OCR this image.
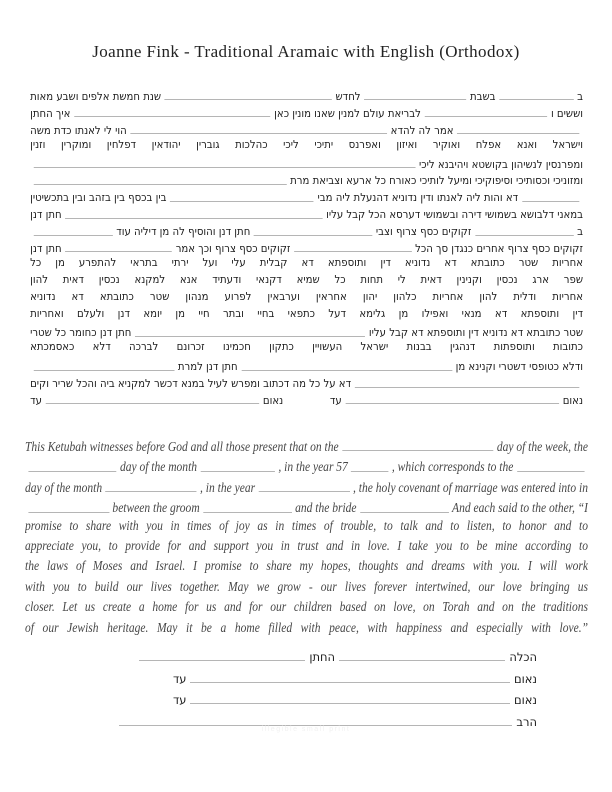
Joanne Fink - Traditional Aramaic with English (Orthodox)
ב
בשבת
לחדש
שנת חמשת אלפים ושבע מאות
וששים ו
לבריאת עולם למנין שאנו מונין כאן
איך החתן
אמר לה להדא
הוי לי לאנתו כדת משה
וישראל ואנא אפלח ואוקיר ואיזון ואפרנס יתיכי ליכי כהלכות גוברין יהודאין דפלחין ומוקרין וזנין
ומפרנסין לנשיהון בקושטא ויהיבנא ליכי
ומזוניכי וכסותיכי וסיפוקיכי ומיעל לותיכי כאורח כל ארעא וצביאת מרת
דא והות ליה לאנתו ודין נדוניא דהנעלת ליה מבי
בין בכסף בין בזהב ובין בתכשיטין
במאני דלבושא בשמושי דירה ובשמושי דערסא הכל קבל עליו
חתן דנן
ב
זקוקים כסף צרוף וצבי
חתן דנן והוסיף לה מן דיליה עוד
זקוקים כסף צרוף אחרים כנגדן סך הכל
זקוקים כסף צרוף וכך אמר
חתן דנן
אחריות שטר כתובתא דא נדוניא דין ותוספתא דא קבלית עלי ועל ירתי בתראי להתפרע מן כל
שפר ארג נכסין וקנינין דאית לי תחות כל שמיא דקנאי ודעתיד אנא למקנא נכסין דאית להון
אחריות ודלית להון אחריות כלהון יהון אחראין וערבאין לפרוע מנהון שטר כתובתא דא נדוניא
דין ותוספתא דא מנאי ואפילו מן גלימא דעל כתפאי בחיי ובתר חיי מן יומא דנן ולעלם ואחריות
שטר כתובתא דא נדוניא דין ותוספתא דא קבל עליו
חתן דנן כחומר כל שטרי
כתובות ותוספתות דנהגין בבנות ישראל העשויין כתקון חכמינו זכרונם לברכה דלא כאסמכתא
ודלא כטופסי דשטרי וקנינא מן
חתן דנן למרת
דא על כל מה דכתוב ומפרש לעיל במנא דכשר למקניא ביה והכל שריר וקים
נאום
עד
נאום
עד
This Ketubah witnesses before God and all those present that on the	day of the week, the
day of the month	, in the year 57	, which corresponds to the
day of the month	, in the year	, the holy covenant of marriage was entered into in
between the groom	and the bride	And each said to the other, “I
promise to share with you in times of joy as in times of trouble, to talk and to listen, to honor and to
appreciate you, to provide for and support you in trust and in love. I take you to be mine according to
the laws of Moses and Israel. I promise to share my hopes, thoughts and dreams with you. I will work
with you to build our lives together. May we grow - our lives forever intertwined, our love bringing us
closer. Let us create a home for us and for our children based on love, on Torah and on the traditions
of our Jewish heritage. May it be a home filled with peace, with happiness and especially with love.”
הכלה
החתן
נאום
עד
נאום
עד
הרב
illegible small print
